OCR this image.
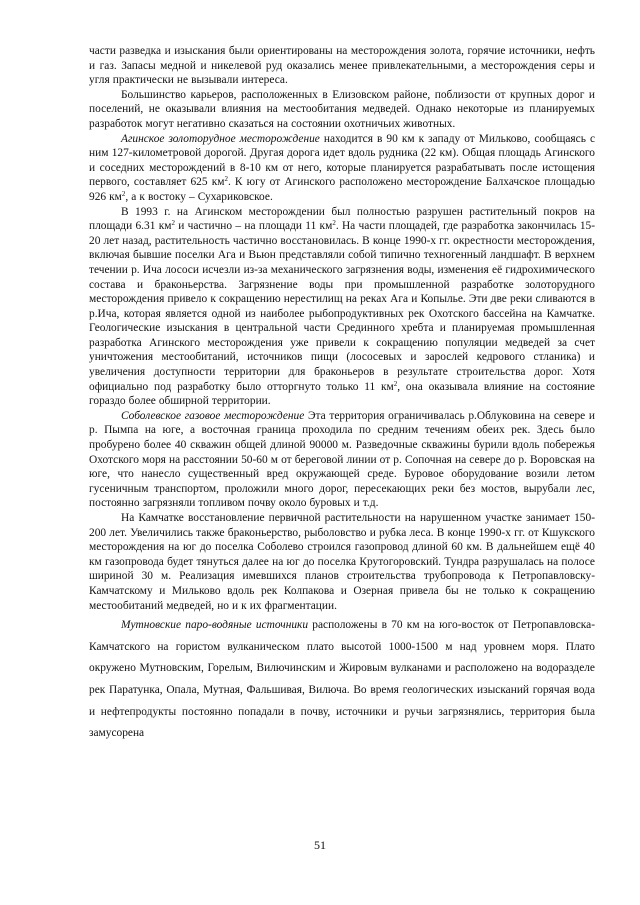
части разведка и изыскания были ориентированы на месторождения золота, горячие источники, нефть и газ. Запасы медной и никелевой руд оказались менее привлекательными, а месторождения серы и угля практически не вызывали интереса.

Большинство карьеров, расположенных в Елизовском районе, поблизости от крупных дорог и поселений, не оказывали влияния на местообитания медведей. Однако некоторые из планируемых разработок могут негативно сказаться на состоянии охотничьих животных.

Агинское золоторудное месторождение находится в 90 км к западу от Мильково, сообщаясь с ним 127-километровой дорогой. Другая дорога идет вдоль рудника (22 км). Общая площадь Агинского и соседних месторождений в 8-10 км от него, которые планируется разрабатывать после истощения первого, составляет 625 $км^2$. К югу от Агинского расположено месторождение Балхачское площадью 926 $км^2$, а к востоку – Сухариковское.

В 1993 г. на Агинском месторождении был полностью разрушен растительный покров на площади 6.31 $км^2$ и частично – на площади 11 $км^2$. На части площадей, где разработка закончилась 15-20 лет назад, растительность частично восстановилась. В конце 1990-х гг. окрестности месторождения, включая бывшие поселки Ага и Вьюн представляли собой типично техногенный ландшафт. В верхнем течении р. Ича лососи исчезли из-за механического загрязнения воды, изменения её гидрохимического состава и браконьерства. Загрязнение воды при промышленной разработке золоторудного месторождения привело к сокращению нерестилищ на реках Ага и Копылье. Эти две реки сливаются в р.Ича, которая является одной из наиболее рыбопродуктивных рек Охотского бассейна на Камчатке. Геологические изыскания в центральной части Срединного хребта и планируемая промышленная разработка Агинского месторождения уже привели к сокращению популяции медведей за счет уничтожения местообитаний, источников пищи (лососевых и зарослей кедрового стланика) и увеличения доступности территории для браконьеров в результате строительства дорог. Хотя официально под разработку было отторгнуто только 11 $км^2$, она оказывала влияние на состояние гораздо более обширной территории.

Соболевское газовое месторождение Эта территория ограничивалась р.Облуковина на севере и р. Пымпа на юге, а восточная граница проходила по средним течениям обеих рек. Здесь было пробурено более 40 скважин общей длиной 90000 м. Разведочные скважины бурили вдоль побережья Охотского моря на расстоянии 50-60 м от береговой линии от р. Сопочная на севере до р. Воровская на юге, что нанесло существенный вред окружающей среде. Буровое оборудование возили летом гусеничным транспортом, проложили много дорог, пересекающих реки без мостов, вырубали лес, постоянно загрязняли топливом почву около буровых и т.д.

На Камчатке восстановление первичной растительности на нарушенном участке занимает 150-200 лет. Увеличились также браконьерство, рыболовство и рубка леса. В конце 1990-х гг. от Кшукского месторождения на юг до поселка Соболево строился газопровод длиной 60 км. В дальнейшем ещё 40 км газопровода будет тянуться далее на юг до поселка Крутогоровский. Тундра разрушалась на полосе шириной 30 м. Реализация имевшихся планов строительства трубопровода к Петропавловску-Камчатскому и Мильково вдоль рек Колпакова и Озерная привела бы не только к сокращению местообитаний медведей, но и к их фрагментации.

Мутновские паро-водяные источники расположены в 70 км на юго-восток от Петропавловска-Камчатского на гористом вулканическом плато высотой 1000-1500 м над уровнем моря. Плато окружено Мутновским, Горелым, Вилючинским и Жировым вулканами и расположено на водоразделе рек Паратунка, Опала, Мутная, Фальшивая, Вилюча. Во время геологических изысканий горячая вода и нефтепродукты постоянно попадали в почву, источники и ручьи загрязнялись, территория была замусорена

51
